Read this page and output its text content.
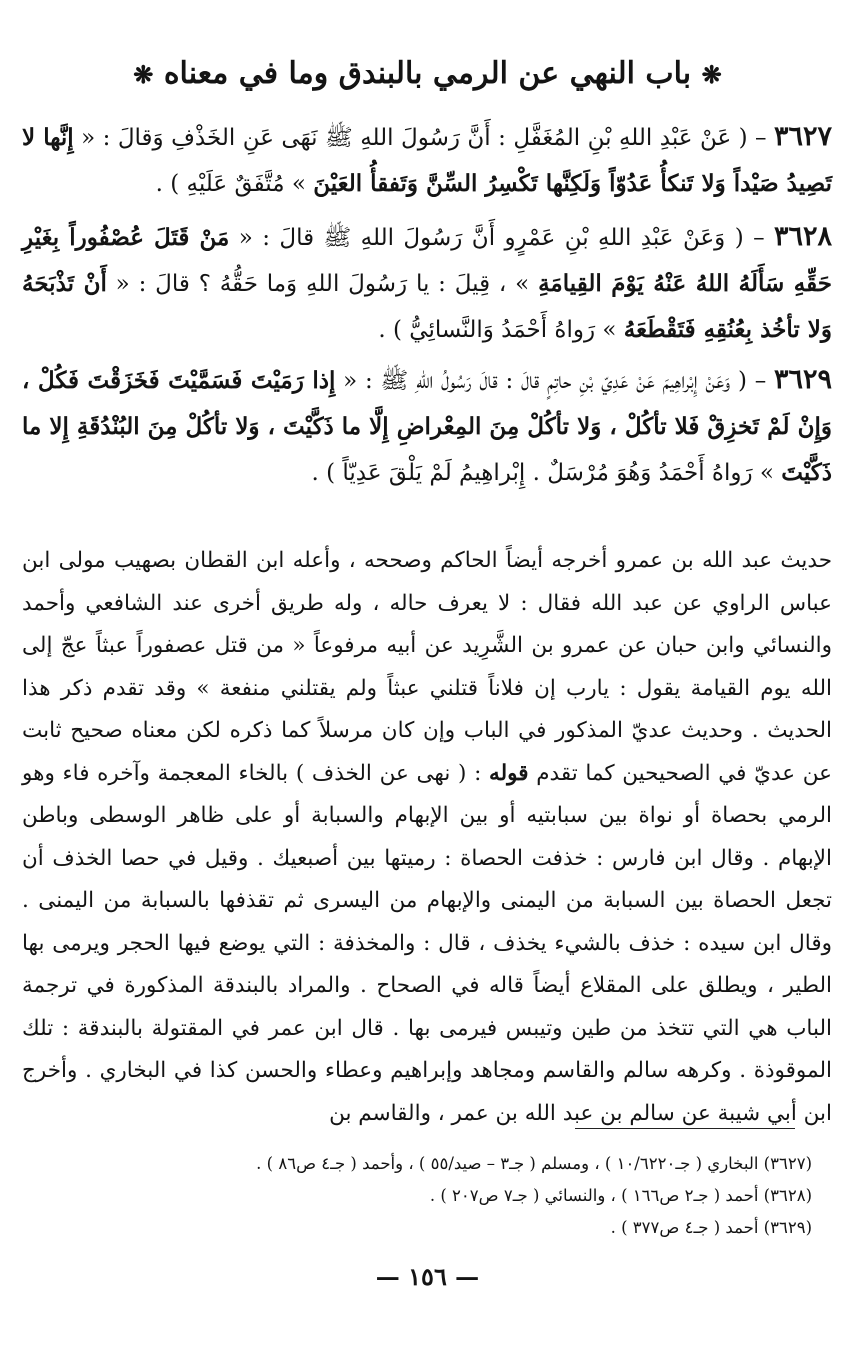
❋ باب النهي عن الرمي بالبندق وما في معناه ❋
٣٦٢٧ – ( عَنْ عَبْدِ اللهِ بْنِ المُغَفَّلِ : أَنَّ رَسُولَ اللهِ ﷺ نَهَى عَنِ الخَذْفِ وَقالَ : « إِنَّها لا تَصِيدُ صَيْداً وَلا تَنكأُ عَدُوّاً وَلَكِنَّها تَكْسِرُ السِّنَّ وَتَفقأُ العَيْنَ » مُتَّفَقٌ عَلَيْهِ ) .
٣٦٢٨ – ( وَعَنْ عَبْدِ اللهِ بْنِ عَمْرٍو أَنَّ رَسُولَ اللهِ ﷺ قالَ : « مَنْ قَتَلَ عُصْفُوراً بِغَيْرِ حَقِّهِ سَأَلَهُ اللهُ عَنْهُ يَوْمَ القِيامَةِ » ، قِيلَ : يا رَسُولَ اللهِ وَما حَقُّهُ ؟ قالَ : « أَنْ تَذْبَحَهُ وَلا تأخُذ بِعُنُقِهِ فَتَقْطَعَهُ » رَواهُ أَحْمَدُ وَالنَّسائِيُّ ) .
٣٦٢٩ – ( وَعَنْ إِبْراهِيمَ عَنْ عَدِيّ بْنِ حاتِمٍ قالَ : قالَ رَسُولُ اللهِ ﷺ : « إِذا رَمَيْتَ فَسَمَّيْتَ فَخَزَقْتَ فَكُلْ ، وَإِنْ لَمْ تَخزِقْ فَلا تأكُلْ ، وَلا تأكُلْ مِنَ المِعْراضِ إِلَّا ما ذَكَّيْتَ ، وَلا تأكُلْ مِنَ البُنْدُقَةِ إِلا ما ذَكَّيْتَ » رَواهُ أَحْمَدُ وَهُوَ مُرْسَلٌ . إِبْراهِيمُ لَمْ يَلْقَ عَدِيّاً ) .
حديث عبد الله بن عمرو أخرجه أيضاً الحاكم وصححه ، وأعله ابن القطان بصهيب مولى ابن عباس الراوي عن عبد الله فقال : لا يعرف حاله ، وله طريق أخرى عند الشافعي وأحمد والنسائي وابن حبان عن عمرو بن الشَّرِيد عن أبيه مرفوعاً « من قتل عصفوراً عبثاً عجّ إلى الله يوم القيامة يقول : يارب إن فلاناً قتلني عبثاً ولم يقتلني منفعة » وقد تقدم ذكر هذا الحديث . وحديث عديّ المذكور في الباب وإن كان مرسلاً كما ذكره لكن معناه صحيح ثابت عن عديّ في الصحيحين كما تقدم قوله : ( نهى عن الخذف ) بالخاء المعجمة وآخره فاء وهو الرمي بحصاة أو نواة بين سبابتيه أو بين الإبهام والسبابة أو على ظاهر الوسطى وباطن الإبهام . وقال ابن فارس : خذفت الحصاة : رميتها بين أصبعيك . وقيل في حصا الخذف أن تجعل الحصاة بين السبابة من اليمنى والإبهام من اليسرى ثم تقذفها بالسبابة من اليمنى . وقال ابن سيده : خذف بالشيء يخذف ، قال : والمخذفة : التي يوضع فيها الحجر ويرمى بها الطير ، ويطلق على المقلاع أيضاً قاله في الصحاح . والمراد بالبندقة المذكورة في ترجمة الباب هي التي تتخذ من طين وتيبس فيرمى بها . قال ابن عمر في المقتولة بالبندقة : تلك الموقوذة . وكرهه سالم والقاسم ومجاهد وإبراهيم وعطاء والحسن كذا في البخاري . وأخرج ابن أبي شيبة عن سالم بن عبد الله بن عمر ، والقاسم بن
(٣٦٢٧) البخاري ( جـ١٠/٦٢٢٠ ) ، ومسلم ( جـ٣ – صيد/٥٥ ) ، وأحمد ( جـ٤ ص٨٦ ) .
(٣٦٢٨) أحمد ( جـ٢ ص١٦٦ ) ، والنسائي ( جـ٧ ص٢٠٧ ) .
(٣٦٢٩) أحمد ( جـ٤ ص٣٧٧ ) .
— ١٥٦ —
